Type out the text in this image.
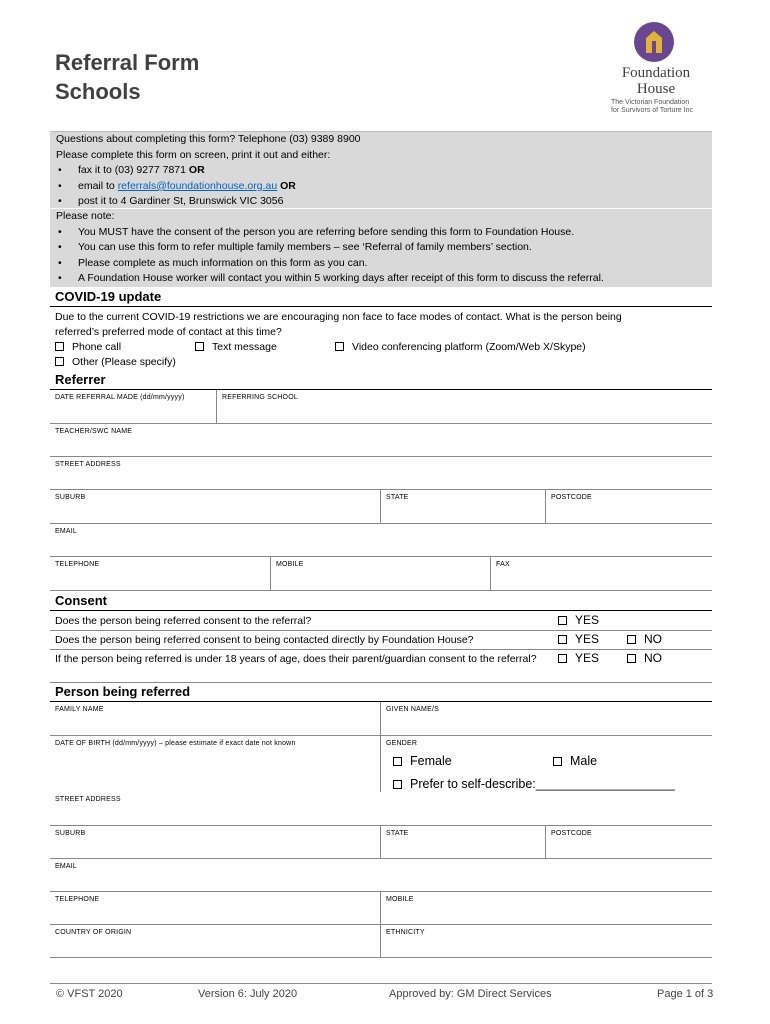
Referral Form
Schools
Foundation
House
The Victorian Foundation
for Survivors of Torture Inc
Questions about completing this form? Telephone (03) 9389 8900
Please complete this form on screen, print it out and either:
• fax it to (03) 9277 7871 OR
• email to referrals@foundationhouse.org.au OR
• post it to 4 Gardiner St, Brunswick VIC 3056
Please note:
• You MUST have the consent of the person you are referring before sending this form to Foundation House.
• You can use this form to refer multiple family members – see ‘Referral of family members’ section.
• Please complete as much information on this form as you can.
• A Foundation House worker will contact you within 5 working days after receipt of this form to discuss the referral.
COVID-19 update
Due to the current COVID-19 restrictions we are encouraging non face to face modes of contact. What is the person being
referred’s preferred mode of contact at this time?
Phone call	Text message	Video conferencing platform (Zoom/Web X/Skype)
Other (Please specify)
Referrer
DATE REFERRAL MADE (dd/mm/yyyy)	REFERRING SCHOOL
TEACHER/SWC NAME
STREET ADDRESS
SUBURB	STATE	POSTCODE
EMAIL
TELEPHONE	MOBILE	FAX
Consent
Does the person being referred consent to the referral?	YES
Does the person being referred consent to being contacted directly by Foundation House?	YES	NO
If the person being referred is under 18 years of age, does their parent/guardian consent to the referral?	YES	NO
Person being referred
FAMILY NAME	GIVEN NAME/S
DATE OF BIRTH (dd/mm/yyyy) – please estimate if exact date not known	GENDER
Female	Male
Prefer to self-describe:____________________
STREET ADDRESS
SUBURB	STATE	POSTCODE
EMAIL
TELEPHONE	MOBILE
COUNTRY OF ORIGIN	ETHNICITY
© VFST 2020	Version 6: July 2020	Approved by: GM Direct Services	Page 1 of 3
